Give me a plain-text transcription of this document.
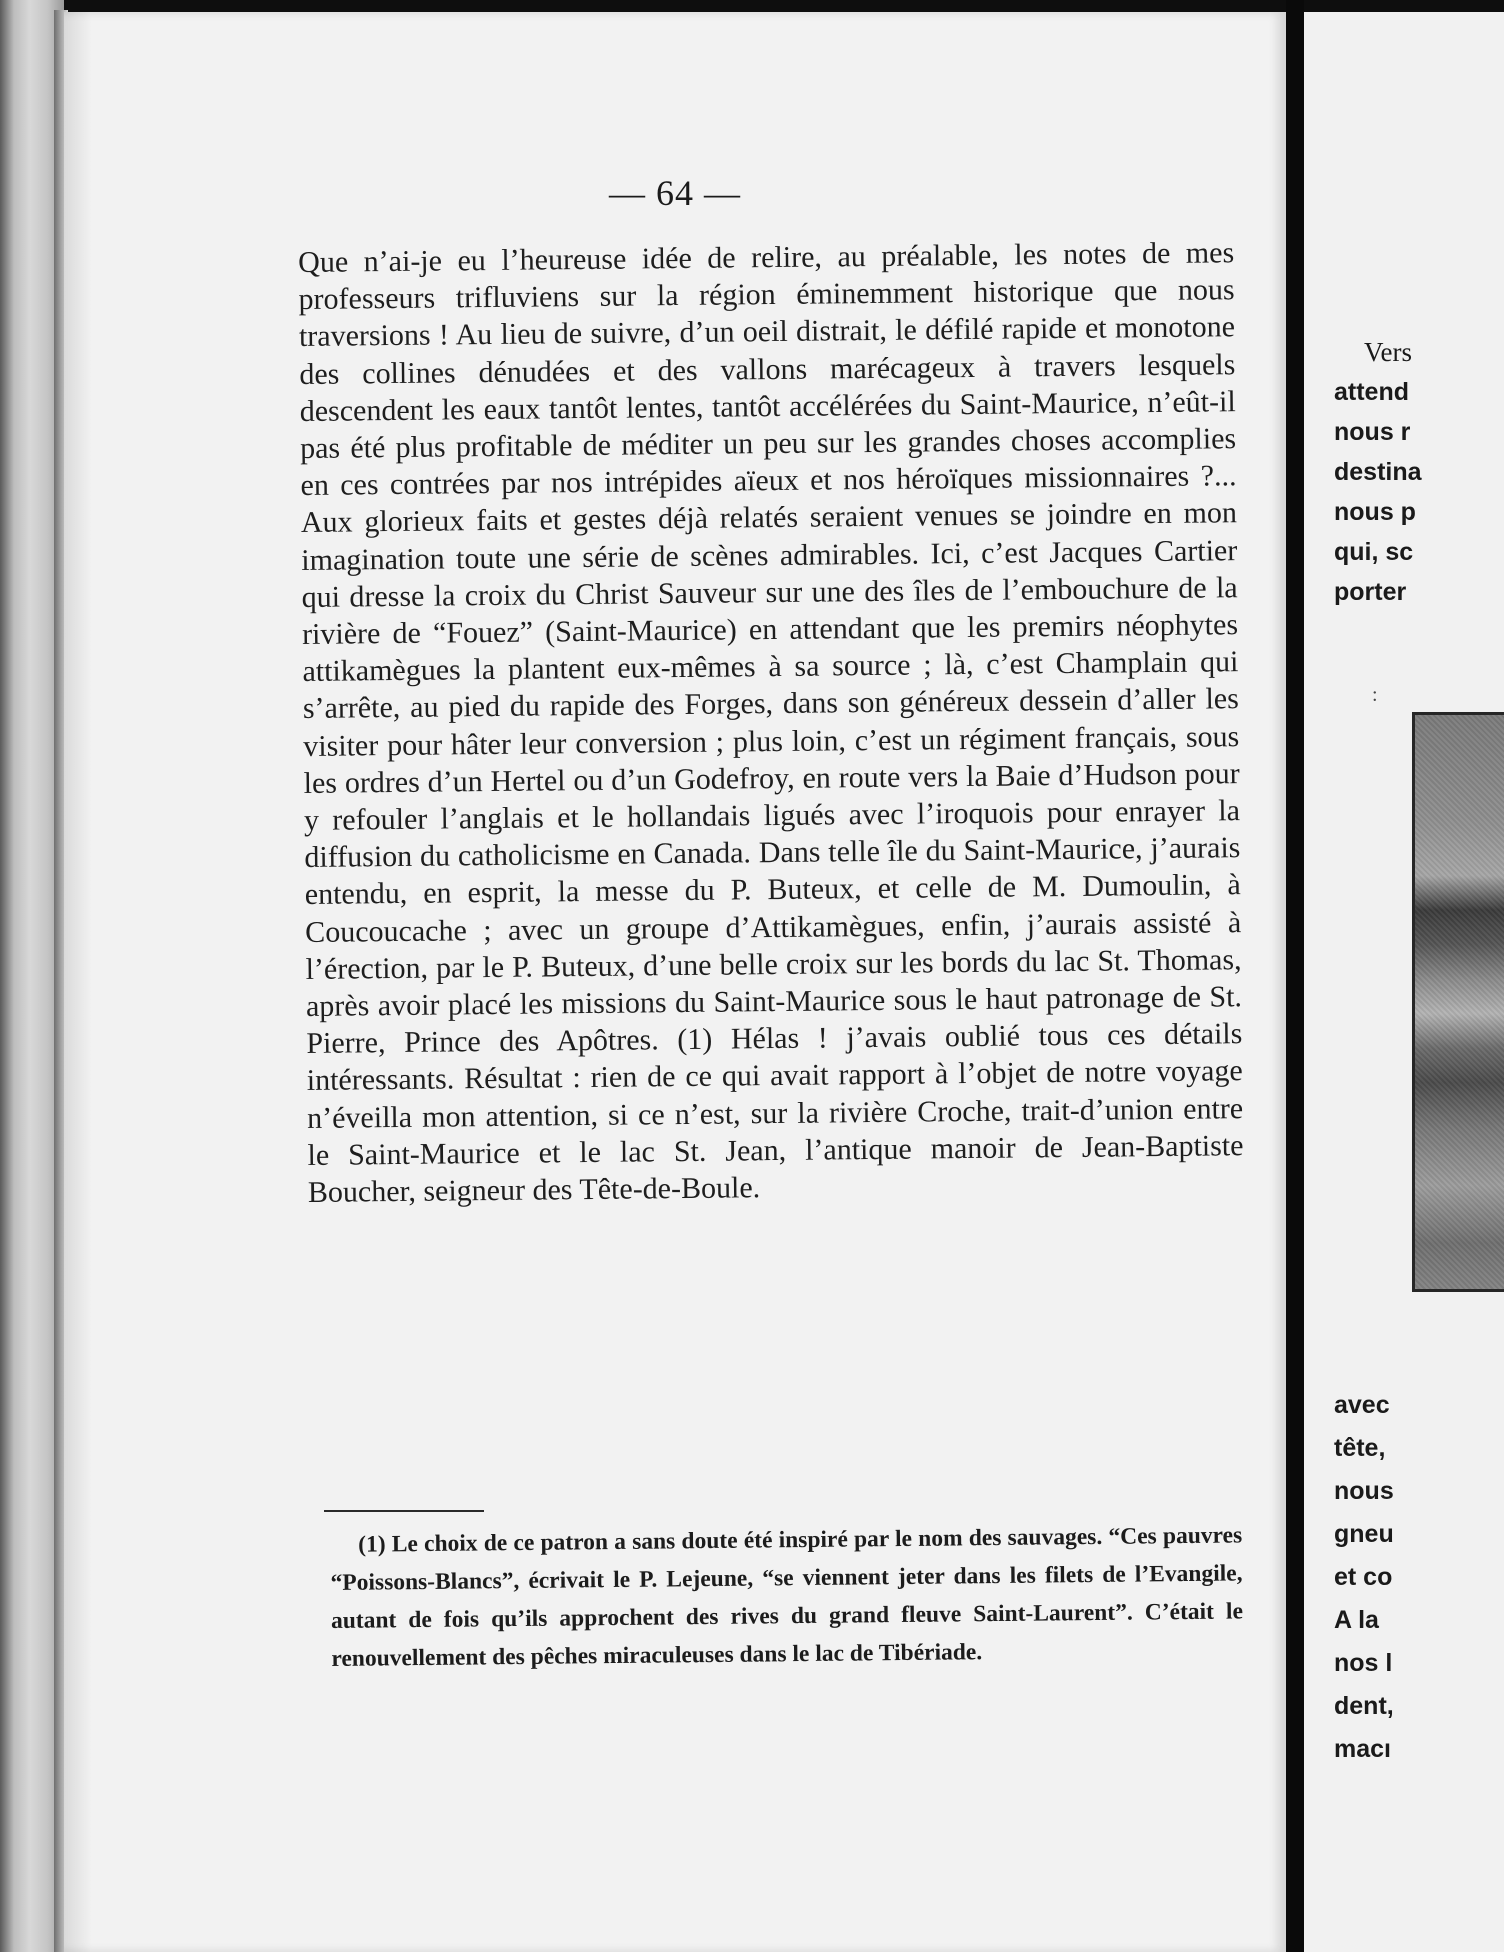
— 64 —

Que n’ai-je eu l’heureuse idée de relire, au préalable, les notes de mes professeurs trifluviens sur la région éminemment historique que nous traversions ! Au lieu de suivre, d’un oeil distrait, le défilé rapide et monotone des collines dénudées et des vallons marécageux à travers lesquels descendent les eaux tantôt lentes, tantôt accélérées du Saint-Maurice, n’eût-il pas été plus profitable de méditer un peu sur les grandes choses accomplies en ces contrées par nos intrépides aïeux et nos héroïques missionnaires ?... Aux glorieux faits et gestes déjà relatés seraient venues se joindre en mon imagination toute une série de scènes admirables. Ici, c’est Jacques Cartier qui dresse la croix du Christ Sauveur sur une des îles de l’embouchure de la rivière de “Fouez” (Saint-Maurice) en attendant que les premirs néophytes attikamègues la plantent eux-mêmes à sa source ; là, c’est Champlain qui s’arrête, au pied du rapide des Forges, dans son généreux dessein d’aller les visiter pour hâter leur conversion ; plus loin, c’est un régiment français, sous les ordres d’un Hertel ou d’un Godefroy, en route vers la Baie d’Hudson pour y refouler l’anglais et le hollandais ligués avec l’iroquois pour enrayer la diffusion du catholicisme en Canada. Dans telle île du Saint-Maurice, j’aurais entendu, en esprit, la messe du P. Buteux, et celle de M. Dumoulin, à Coucoucache ; avec un groupe d’Attikamègues, enfin, j’aurais assisté à l’érection, par le P. Buteux, d’une belle croix sur les bords du lac St. Thomas, après avoir placé les missions du Saint-Maurice sous le haut patronage de St. Pierre, Prince des Apôtres. (1) Hélas ! j’avais oublié tous ces détails intéressants. Résultat : rien de ce qui avait rapport à l’objet de notre voyage n’éveilla mon attention, si ce n’est, sur la rivière Croche, trait-d’union entre le Saint-Maurice et le lac St. Jean, l’antique manoir de Jean-Baptiste Boucher, seigneur des Tête-de-Boule.

(1) Le choix de ce patron a sans doute été inspiré par le nom des sauvages. “Ces pauvres “Poissons-Blancs”, écrivait le P. Lejeune, “se viennent jeter dans les filets de l’Evangile, autant de fois qu’ils approchent des rives du grand fleuve Saint-Laurent”. C’était le renouvellement des pêches miraculeuses dans le lac de Tibériade.

Vers
attend
nous r
destina
nous p
qui, sc
porter
:
avec
tête,
nous
gneu
et co
A la
nos l
dent,
macı
